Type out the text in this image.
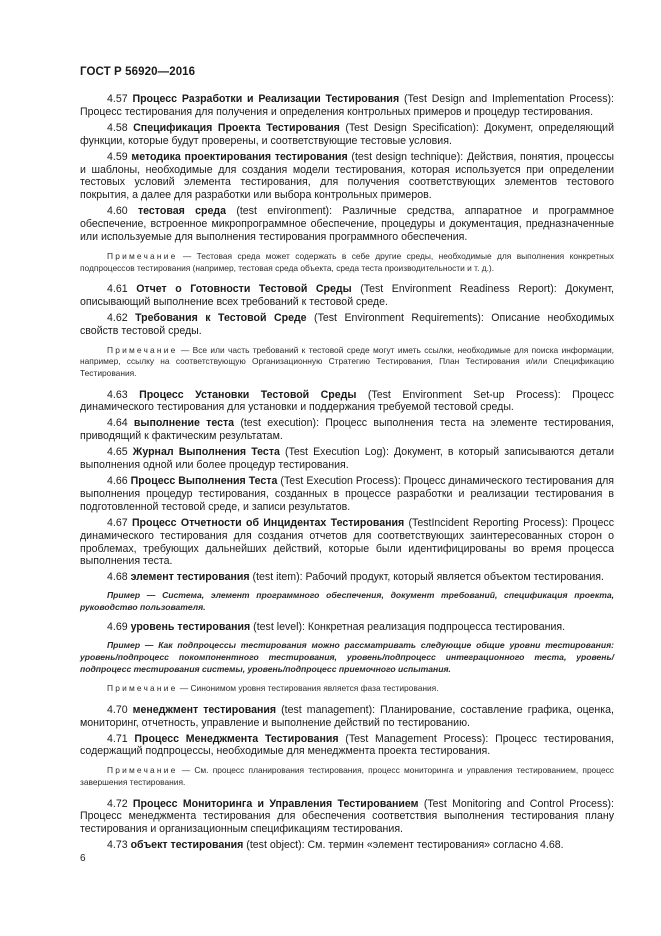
ГОСТ Р 56920—2016

4.57 Процесс Разработки и Реализации Тестирования (Test Design and Implementation Process): Процесс тестирования для получения и определения контрольных примеров и процедур тестирования.

4.58 Спецификация Проекта Тестирования (Test Design Specification): Документ, определяющий функции, которые будут проверены, и соответствующие тестовые условия.

4.59 методика проектирования тестирования (test design technique): Действия, понятия, процессы и шаблоны, необходимые для создания модели тестирования, которая используется при определении тестовых условий элемента тестирования, для получения соответствующих элементов тестового покрытия, а далее для разработки или выбора контрольных примеров.

4.60 тестовая среда (test environment): Различные средства, аппаратное и программное обеспечение, встроенное микропрограммное обеспечение, процедуры и документация, предназначенные или используемые для выполнения тестирования программного обеспечения.

Примечание — Тестовая среда может содержать в себе другие среды, необходимые для выполнения конкретных подпроцессов тестирования (например, тестовая среда объекта, среда теста производительности и т. д.).

4.61 Отчет о Готовности Тестовой Среды (Test Environment Readiness Report): Документ, описывающий выполнение всех требований к тестовой среде.

4.62 Требования к Тестовой Среде (Test Environment Requirements): Описание необходимых свойств тестовой среды.

Примечание — Все или часть требований к тестовой среде могут иметь ссылки, необходимые для поиска информации, например, ссылку на соответствующую Организационную Стратегию Тестирования, План Тестирования и/или Спецификацию Тестирования.

4.63 Процесс Установки Тестовой Среды (Test Environment Set-up Process): Процесс динамического тестирования для установки и поддержания требуемой тестовой среды.

4.64 выполнение теста (test execution): Процесс выполнения теста на элементе тестирования, приводящий к фактическим результатам.

4.65 Журнал Выполнения Теста (Test Execution Log): Документ, в который записываются детали выполнения одной или более процедур тестирования.

4.66 Процесс Выполнения Теста (Test Execution Process): Процесс динамического тестирования для выполнения процедур тестирования, созданных в процессе разработки и реализации тестирования в подготовленной тестовой среде, и записи результатов.

4.67 Процесс Отчетности об Инцидентах Тестирования (TestIncident Reporting Process): Процесс динамического тестирования для создания отчетов для соответствующих заинтересованных сторон о проблемах, требующих дальнейших действий, которые были идентифицированы во время процесса выполнения теста.

4.68 элемент тестирования (test item): Рабочий продукт, который является объектом тестирования.

Пример — Система, элемент программного обеспечения, документ требований, спецификация проекта, руководство пользователя.

4.69 уровень тестирования (test level): Конкретная реализация подпроцесса тестирования.

Пример — Как подпроцессы тестирования можно рассматривать следующие общие уровни тестирования: уровень/подпроцесс покомпонентного тестирования, уровень/подпроцесс интеграционного теста, уровень/подпроцесс тестирования системы, уровень/подпроцесс приемочного испытания.

Примечание — Синонимом уровня тестирования является фаза тестирования.

4.70 менеджмент тестирования (test management): Планирование, составление графика, оценка, мониторинг, отчетность, управление и выполнение действий по тестированию.

4.71 Процесс Менеджмента Тестирования (Test Management Process): Процесс тестирования, содержащий подпроцессы, необходимые для менеджмента проекта тестирования.

Примечание — См. процесс планирования тестирования, процесс мониторинга и управления тестированием, процесс завершения тестирования.

4.72 Процесс Мониторинга и Управления Тестированием (Test Monitoring and Control Process): Процесс менеджмента тестирования для обеспечения соответствия выполнения тестирования плану тестирования и организационным спецификациям тестирования.

4.73 объект тестирования (test object): См. термин «элемент тестирования» согласно 4.68.

6
